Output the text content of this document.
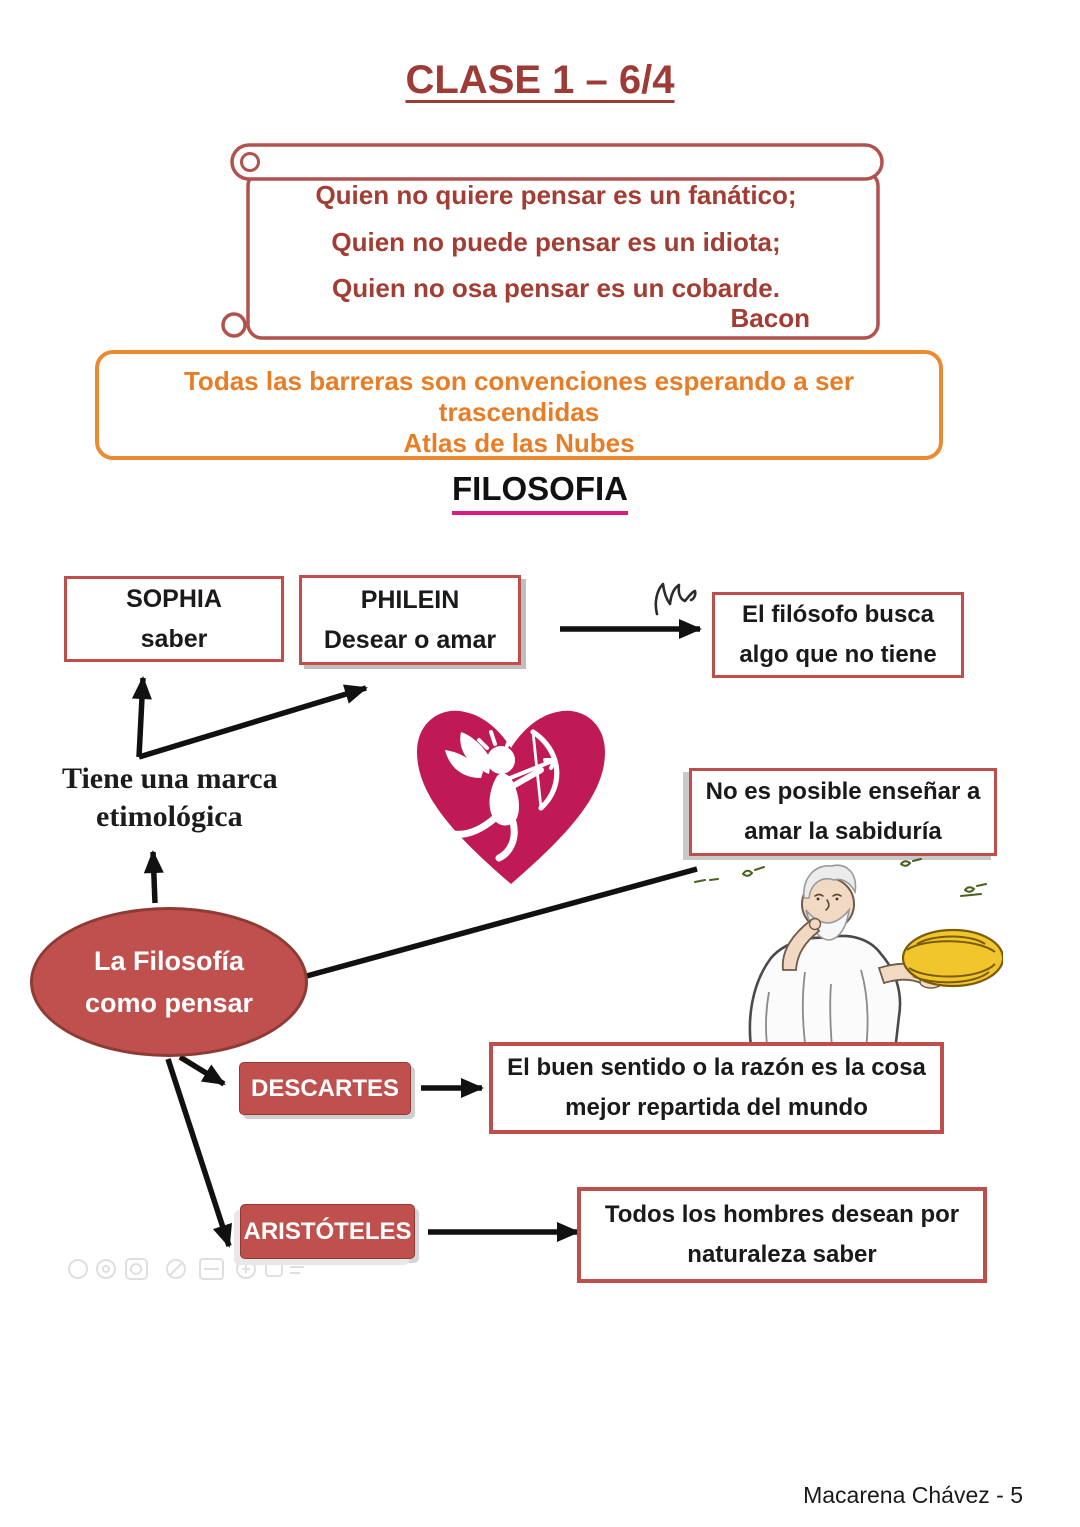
CLASE 1 – 6/4
Quien no quiere pensar es un fanático;
Quien no puede pensar es un idiota;
Quien no osa pensar es un cobarde.
Bacon
Todas las barreras son convenciones esperando a ser trascendidas
Atlas de las Nubes
FILOSOFIA
SOPHIA
saber
PHILEIN
Desear o amar
El filósofo busca
algo que no tiene
Tiene una marca
etimológica
No es posible enseñar a
amar la sabiduría
La Filosofía
como pensar
DESCARTES
El buen sentido o la razón es la cosa
mejor repartida del mundo
ARISTÓTELES
Todos los hombres desean por
naturaleza saber
Macarena Chávez - 5
